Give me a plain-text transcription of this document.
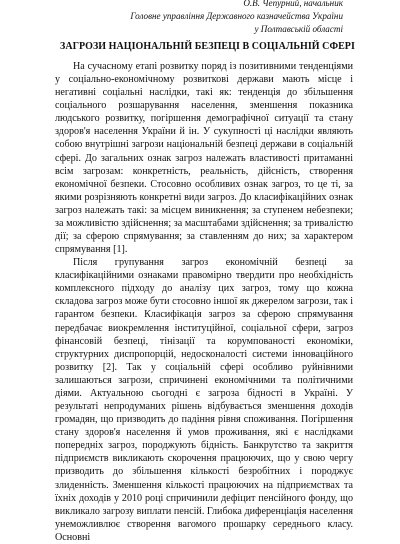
О.В. Чепурний, начальник
Головне управління Державного казначейства України
у Полтавській області
ЗАГРОЗИ НАЦІОНАЛЬНІЙ БЕЗПЕЦІ В СОЦІАЛЬНІЙ СФЕРІ

На сучасному етапі розвитку поряд із позитивними тенденціями у соціально-економічному розвиткові держави мають місце і негативні соціальні наслідки, такі як: тенденція до збільшення соціального розшарування населення, зменшення показника людського розвитку, погіршення демографічної ситуації та стану здоров'я населення України й ін. У сукупності ці наслідки являють собою внутрішні загрози національній безпеці держави в соціальній сфері. До загальних ознак загроз належать властивості притаманні всім загрозам: конкретність, реальність, дійсність, створення економічної безпеки. Стосовно особливих ознак загроз, то це ті, за якими розрізняють конкретні види загроз. До класифікаційних ознак загроз належать такі: за місцем виникнення; за ступенем небезпеки; за можливістю здійснення; за масштабами здійснення; за тривалістю дії; за сферою спрямування; за ставленням до них; за характером спрямування [1].

Після групування загроз економічній безпеці за класифікаційними ознаками правомірно твердити про необхідність комплексного підходу до аналізу цих загроз, тому що кожна складова загроз може бути стосовно іншої як джерелом загрози, так і гарантом безпеки. Класифікація загроз за сферою спрямування передбачає виокремлення інституційної, соціальної сфери, загроз фінансовій безпеці, тінізації та корумпованості економіки, структурних диспропорцій, недосконалості системи інноваційного розвитку [2]. Так у соціальній сфері особливо руйнівними залишаються загрози, спричинені економічними та політичними діями. Актуальною сьогодні є загроза бідності в Україні. У результаті непродуманих рішень відбувається зменшення доходів громадян, що призводить до падіння рівня споживання. Погіршення стану здоров'я населення й умов проживання, які є наслідками попередніх загроз, породжують бідність. Банкрутство та закриття підприємств викликають скорочення працюючих, що у свою чергу призводить до збільшення кількості безробітних і породжує злиденність. Зменшення кількості працюючих на підприємствах та їхніх доходів у 2010 році спричинили дефіцит пенсійного фонду, що викликало загрозу виплати пенсій. Глибока диференціація населення унеможливлює створення вагомого прошарку середнього класу. Основні
